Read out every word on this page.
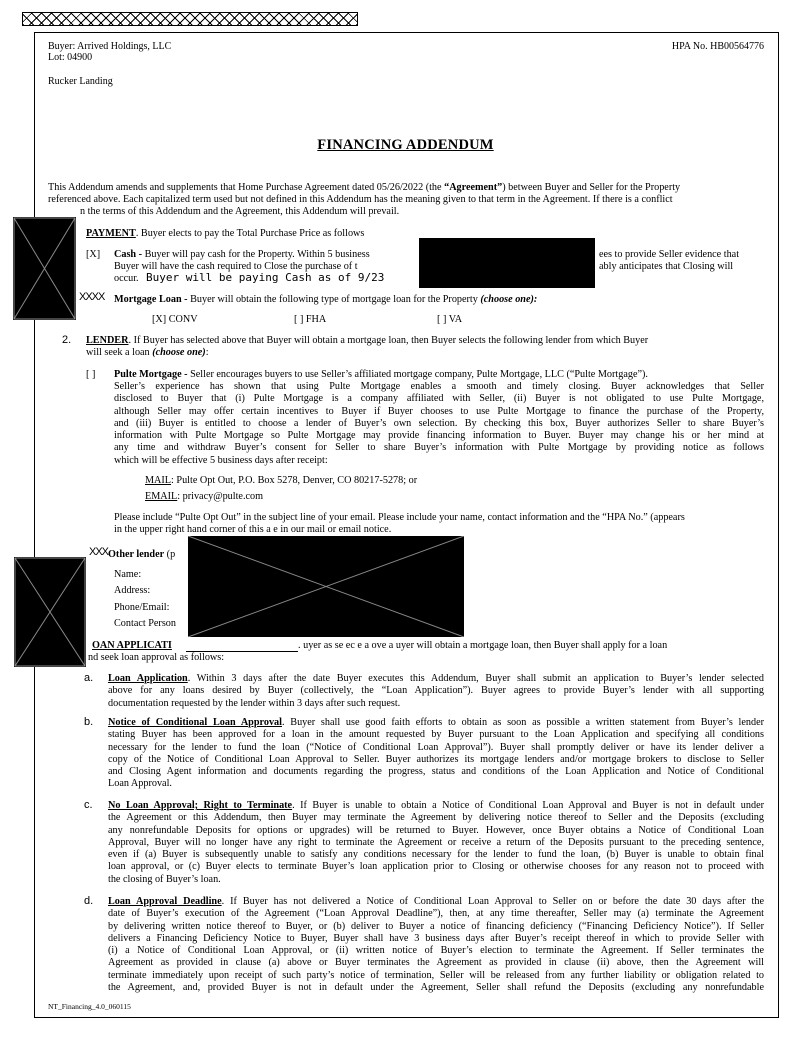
Buyer: Arrived Holdings, LLC
Lot: 04900
Rucker Landing
HPA No. HB00564776
FINANCING ADDENDUM
This Addendum amends and supplements that Home Purchase Agreement dated 05/26/2022 (the “Agreement”) between Buyer and Seller for the Property
referenced above. Each capitalized term used but not defined in this Addendum has the meaning given to that term in the Agreement. If there is a conflict
n the terms of this Addendum and the Agreement, this Addendum will prevail.
PAYMENT. Buyer elects to pay the Total Purchase Price as follows
[X] Cash - Buyer will pay cash for the Property. Within 5 business	ees to provide Seller evidence that
Buyer will have the cash required to Close the purchase of t	ably anticipates that Closing will
occur. Buyer will be paying Cash as of 9/23
XXXX Mortgage Loan - Buyer will obtain the following type of mortgage loan for the Property (choose one):
[X] CONV	[ ] FHA	[ ] VA
2. LENDER. If Buyer has selected above that Buyer will obtain a mortgage loan, then Buyer selects the following lender from which Buyer
will seek a loan (choose one):
[ ] Pulte Mortgage - Seller encourages buyers to use Seller’s affiliated mortgage company, Pulte Mortgage, LLC (“Pulte Mortgage”).
Seller’s experience has shown that using Pulte Mortgage enables a smooth and timely closing. Buyer acknowledges that Seller
disclosed to Buyer that (i) Pulte Mortgage is a company affiliated with Seller, (ii) Buyer is not obligated to use Pulte Mortgage,
although Seller may offer certain incentives to Buyer if Buyer chooses to use Pulte Mortgage to finance the purchase of the Property,
and (iii) Buyer is entitled to choose a lender of Buyer’s own selection. By checking this box, Buyer authorizes Seller to share Buyer’s
information with Pulte Mortgage so Pulte Mortgage may provide financing information to Buyer. Buyer may change his or her mind at
any time and withdraw Buyer’s consent for Seller to share Buyer’s information with Pulte Mortgage by providing notice as follows
which will be effective 5 business days after receipt:
MAIL: Pulte Opt Out, P.O. Box 5278, Denver, CO 80217-5278; or
EMAIL: privacy@pulte.com
Please include “Pulte Opt Out” in the subject line of your email. Please include your name, contact information and the “HPA No.” (appears
in the upper right hand corner of this a e in our mail or email notice.
XXX Other lender (p
Name:
Address:
Phone/Email:
Contact Person
OAN APPLICATI	. uyer as se ec e a ove a uyer will obtain a mortgage loan, then Buyer shall apply for a loan
nd seek loan approval as follows:
a. Loan Application. Within 3 days after the date Buyer executes this Addendum, Buyer shall submit an application to Buyer’s lender selected
above for any loans desired by Buyer (collectively, the “Loan Application”). Buyer agrees to provide Buyer’s lender with all supporting
documentation requested by the lender within 3 days after such request.
b. Notice of Conditional Loan Approval. Buyer shall use good faith efforts to obtain as soon as possible a written statement from Buyer’s lender
stating Buyer has been approved for a loan in the amount requested by Buyer pursuant to the Loan Application and specifying all conditions
necessary for the lender to fund the loan (“Notice of Conditional Loan Approval”). Buyer shall promptly deliver or have its lender deliver a
copy of the Notice of Conditional Loan Approval to Seller. Buyer authorizes its mortgage lenders and/or mortgage brokers to disclose to Seller
and Closing Agent information and documents regarding the progress, status and conditions of the Loan Application and Notice of Conditional
Loan Approval.
c. No Loan Approval; Right to Terminate. If Buyer is unable to obtain a Notice of Conditional Loan Approval and Buyer is not in default under
the Agreement or this Addendum, then Buyer may terminate the Agreement by delivering notice thereof to Seller and the Deposits (excluding
any nonrefundable Deposits for options or upgrades) will be returned to Buyer. However, once Buyer obtains a Notice of Conditional Loan
Approval, Buyer will no longer have any right to terminate the Agreement or receive a return of the Deposits pursuant to the preceding sentence,
even if (a) Buyer is subsequently unable to satisfy any conditions necessary for the lender to fund the loan, (b) Buyer is unable to obtain final
loan approval, or (c) Buyer elects to terminate Buyer’s loan application prior to Closing or otherwise chooses for any reason not to proceed with
the closing of Buyer’s loan.
d. Loan Approval Deadline. If Buyer has not delivered a Notice of Conditional Loan Approval to Seller on or before the date 30 days after the
date of Buyer’s execution of the Agreement (“Loan Approval Deadline”), then, at any time thereafter, Seller may (a) terminate the Agreement
by delivering written notice thereof to Buyer, or (b) deliver to Buyer a notice of financing deficiency (“Financing Deficiency Notice”). If Seller
delivers a Financing Deficiency Notice to Buyer, Buyer shall have 3 business days after Buyer’s receipt thereof in which to provide Seller with
(i) a Notice of Conditional Loan Approval, or (ii) written notice of Buyer’s election to terminate the Agreement. If Seller terminates the
Agreement as provided in clause (a) above or Buyer terminates the Agreement as provided in clause (ii) above, then the Agreement will
terminate immediately upon receipt of such party’s notice of termination, Seller will be released from any further liability or obligation related to
the Agreement, and, provided Buyer is not in default under the Agreement, Seller shall refund the Deposits (excluding any nonrefundable
NT_Financing_4.0_060115
